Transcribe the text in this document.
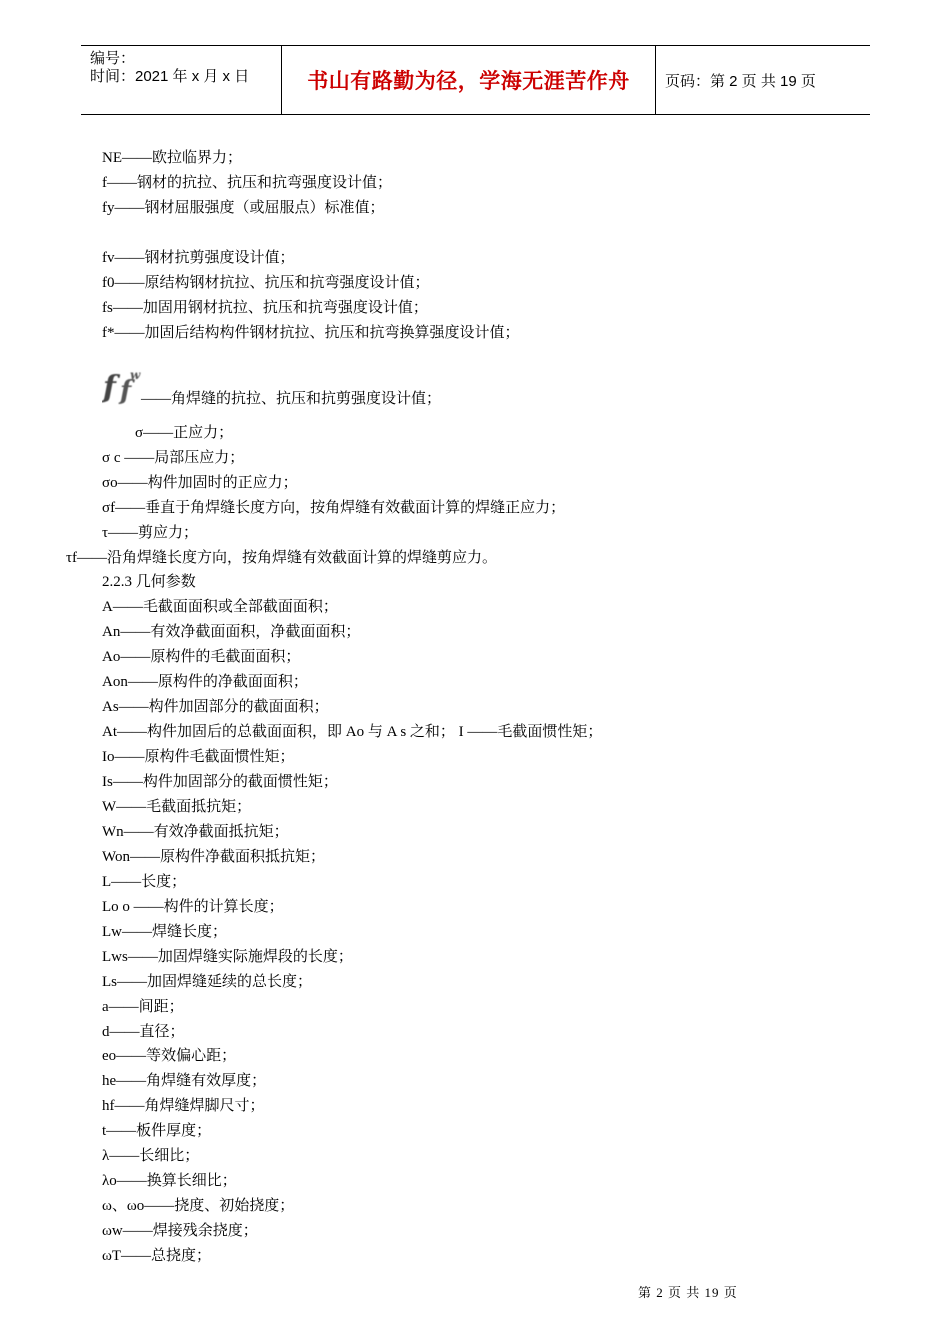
编号：
时间：2021 年 x 月 x 日	书山有路勤为径，学海无涯苦作舟	页码：第 2 页 共 19 页
NE——欧拉临界力；
f——钢材的抗拉、抗压和抗弯强度设计值；
fy——钢材屈服强度（或屈服点）标准值；
fv——钢材抗剪强度设计值；
f0——原结构钢材抗拉、抗压和抗弯强度设计值；
fs——加固用钢材抗拉、抗压和抗弯强度设计值；
f*——加固后结构构件钢材抗拉、抗压和抗弯换算强度设计值；
f f
w
——角焊缝的抗拉、抗压和抗剪强度设计值；
σ——正应力；
σ c ——局部压应力；
σo——构件加固时的正应力；
σf——垂直于角焊缝长度方向，按角焊缝有效截面计算的焊缝正应力；
τ——剪应力；
τf——沿角焊缝长度方向，按角焊缝有效截面计算的焊缝剪应力。
2.2.3 几何参数
A——毛截面面积或全部截面面积；
An——有效净截面面积，净截面面积；
Ao——原构件的毛截面面积；
Aon——原构件的净截面面积；
As——构件加固部分的截面面积；
At——构件加固后的总截面面积，即 Ao 与 A s 之和； I ——毛截面惯性矩；
Io——原构件毛截面惯性矩；
Is——构件加固部分的截面惯性矩；
W——毛截面抵抗矩；
Wn——有效净截面抵抗矩；
Won——原构件净截面积抵抗矩；
L——长度；
Lo o ——构件的计算长度；
Lw——焊缝长度；
Lws——加固焊缝实际施焊段的长度；
Ls——加固焊缝延续的总长度；
a——间距；
d——直径；
eo——等效偏心距；
he——角焊缝有效厚度；
hf——角焊缝焊脚尺寸；
t——板件厚度；
λ——长细比；
λo——换算长细比；
ω、ωo——挠度、初始挠度；
ωw——焊接残余挠度；
ωT——总挠度；
第 2 页 共 19 页
